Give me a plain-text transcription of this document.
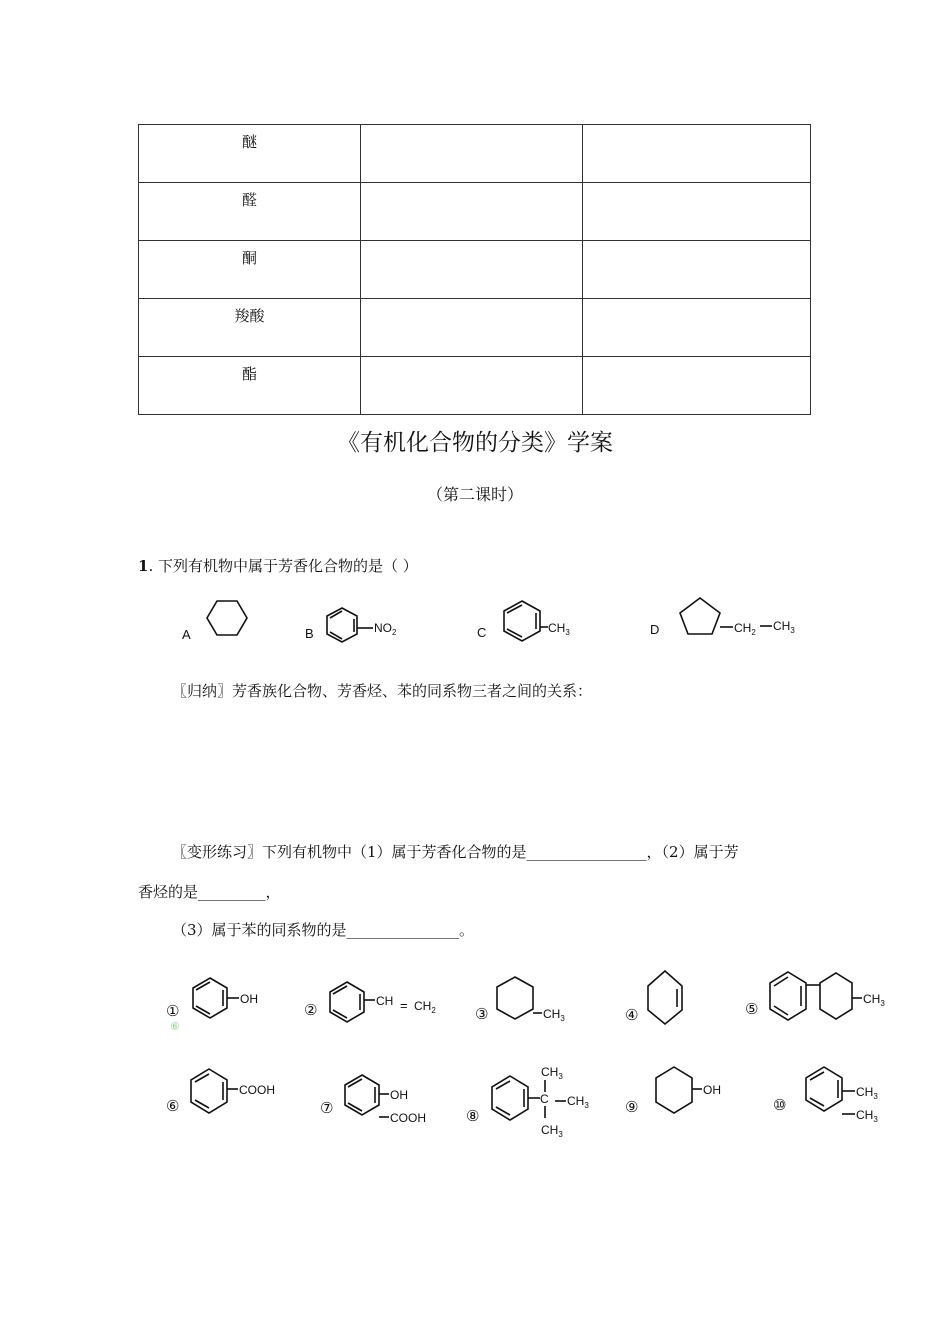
醚		
醛		
酮		
羧酸		
酯		
《有机化合物的分类》学案
（第二课时）
1. 下列有机物中属于芳香化合物的是（ ）
〖归纳〗芳香族化合物、芳香烃、苯的同系物三者之间的关系：
〖变形练习〗下列有机物中（1）属于芳香化合物的是________________，（2）属于芳
香烃的是_________，
（3）属于苯的同系物的是_______________。
A	B	$NO_2$	C	$CH_3$	D	$CH_2$ $CH_3$
①
⑥
OH
②
CH = $CH_2$	③	$CH_3$	④	⑤
$CH_3$
⑥
COOH
⑦
OH
COOH	⑧
$CH_3$
C $CH_3$
$CH_3$
⑨
OH
⑩
$CH_3$
$CH_3$
